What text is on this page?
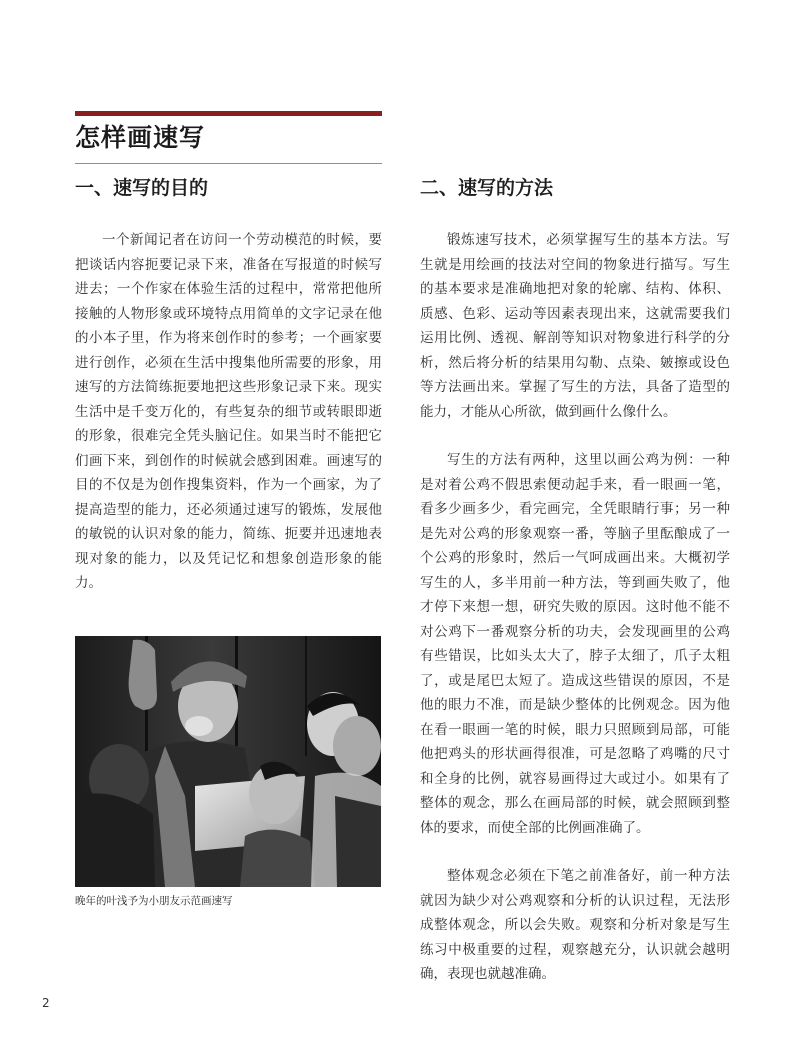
怎样画速写
一、速写的目的

一个新闻记者在访问一个劳动模范的时候，要把谈话内容扼要记录下来，准备在写报道的时候写进去；一个作家在体验生活的过程中，常常把他所接触的人物形象或环境特点用简单的文字记录在他的小本子里，作为将来创作时的参考；一个画家要进行创作，必须在生活中搜集他所需要的形象，用速写的方法简练扼要地把这些形象记录下来。现实生活中是千变万化的，有些复杂的细节或转眼即逝的形象，很难完全凭头脑记住。如果当时不能把它们画下来，到创作的时候就会感到困难。画速写的目的不仅是为创作搜集资料，作为一个画家，为了提高造型的能力，还必须通过速写的锻炼，发展他的敏锐的认识对象的能力，简练、扼要并迅速地表现对象的能力，以及凭记忆和想象创造形象的能力。

晚年的叶浅予为小朋友示范画速写
二、速写的方法

锻炼速写技术，必须掌握写生的基本方法。写生就是用绘画的技法对空间的物象进行描写。写生的基本要求是准确地把对象的轮廓、结构、体积、质感、色彩、运动等因素表现出来，这就需要我们运用比例、透视、解剖等知识对物象进行科学的分析，然后将分析的结果用勾勒、点染、皴擦或设色等方法画出来。掌握了写生的方法，具备了造型的能力，才能从心所欲，做到画什么像什么。

写生的方法有两种，这里以画公鸡为例：一种是对着公鸡不假思索便动起手来，看一眼画一笔，看多少画多少，看完画完，全凭眼睛行事；另一种是先对公鸡的形象观察一番，等脑子里酝酿成了一个公鸡的形象时，然后一气呵成画出来。大概初学写生的人，多半用前一种方法，等到画失败了，他才停下来想一想，研究失败的原因。这时他不能不对公鸡下一番观察分析的功夫，会发现画里的公鸡有些错误，比如头太大了，脖子太细了，爪子太粗了，或是尾巴太短了。造成这些错误的原因，不是他的眼力不准，而是缺少整体的比例观念。因为他在看一眼画一笔的时候，眼力只照顾到局部，可能他把鸡头的形状画得很准，可是忽略了鸡嘴的尺寸和全身的比例，就容易画得过大或过小。如果有了整体的观念，那么在画局部的时候，就会照顾到整体的要求，而使全部的比例画准确了。

整体观念必须在下笔之前准备好，前一种方法就因为缺少对公鸡观察和分析的认识过程，无法形成整体观念，所以会失败。观察和分析对象是写生练习中极重要的过程，观察越充分，认识就会越明确，表现也就越准确。

2
